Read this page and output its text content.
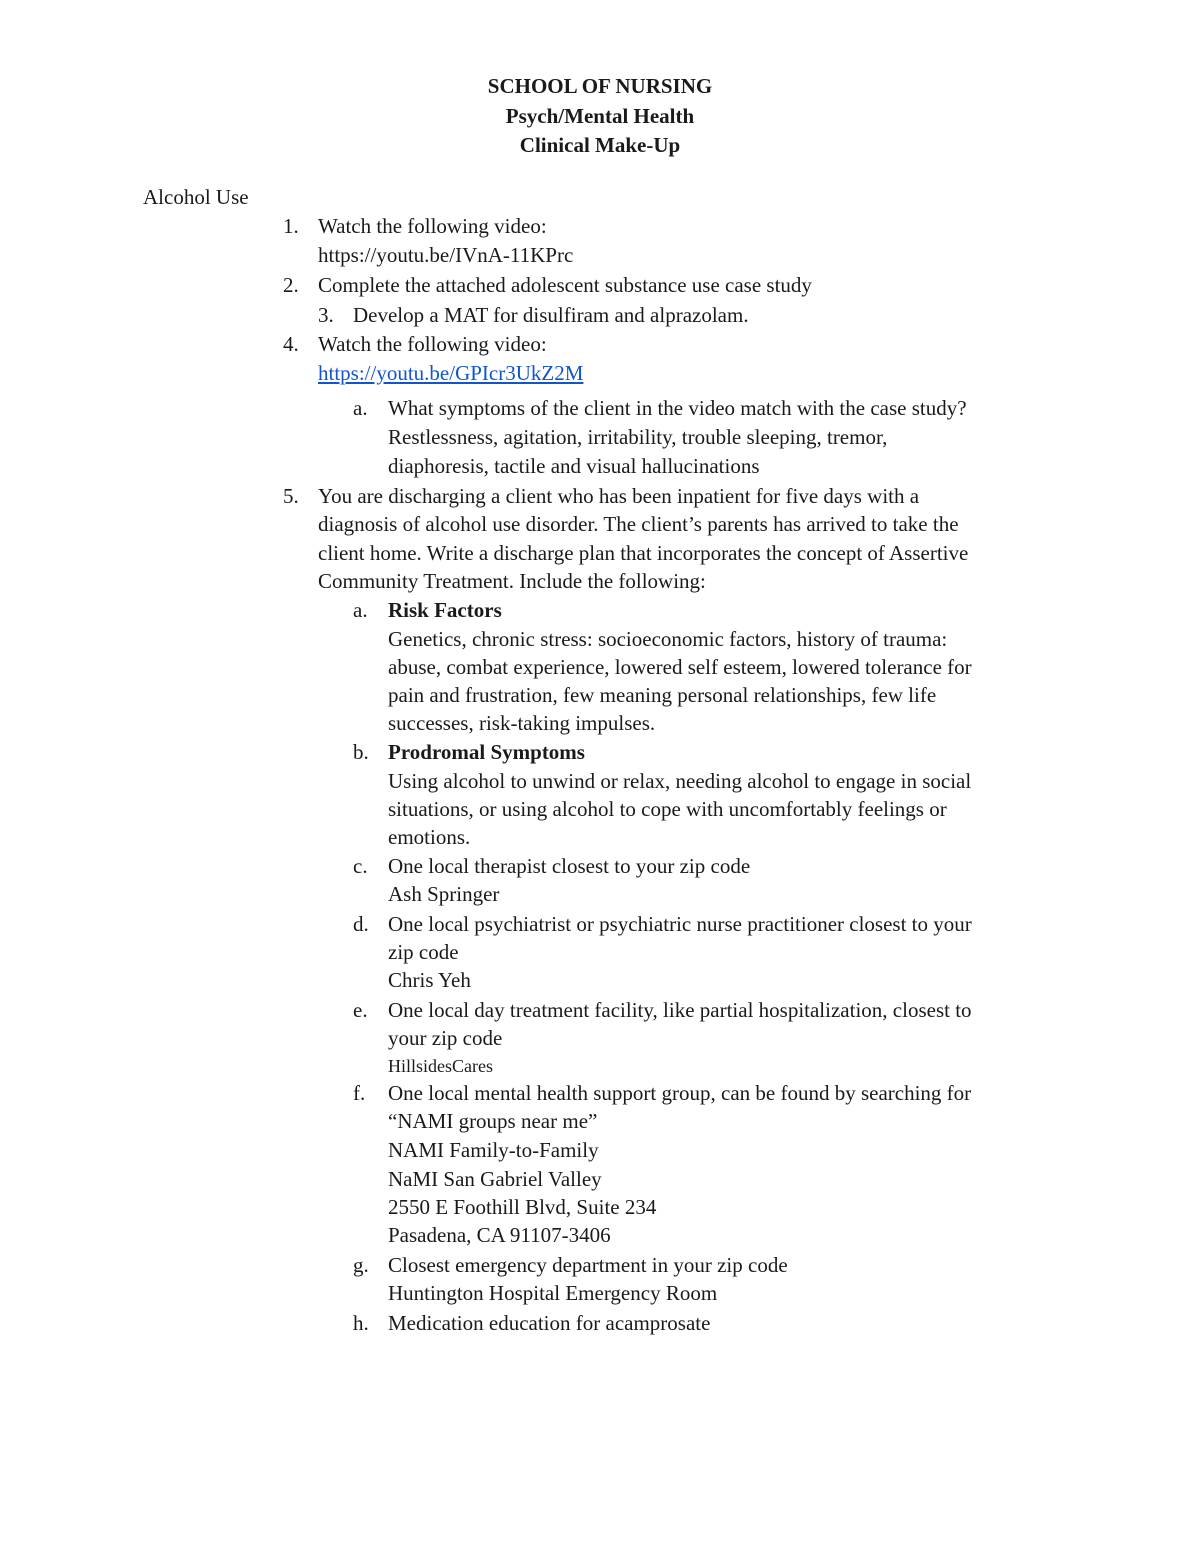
SCHOOL OF NURSING
Psych/Mental Health
Clinical Make-Up
Alcohol Use
1. Watch the following video:
https://youtu.be/IVnA-11KPrc
2. Complete the attached adolescent substance use case study
3. Develop a MAT for disulfiram and alprazolam.
4. Watch the following video:
https://youtu.be/GPIcr3UkZ2M
a. What symptoms of the client in the video match with the case study?
Restlessness, agitation, irritability, trouble sleeping, tremor,
diaphoresis, tactile and visual hallucinations
5. You are discharging a client who has been inpatient for five days with a
diagnosis of alcohol use disorder. The client’s parents has arrived to take the
client home. Write a discharge plan that incorporates the concept of Assertive
Community Treatment. Include the following:
a. Risk Factors
Genetics, chronic stress: socioeconomic factors, history of trauma:
abuse, combat experience, lowered self esteem, lowered tolerance for
pain and frustration, few meaning personal relationships, few life
successes, risk-taking impulses.
b. Prodromal Symptoms
Using alcohol to unwind or relax, needing alcohol to engage in social
situations, or using alcohol to cope with uncomfortably feelings or
emotions.
c. One local therapist closest to your zip code
Ash Springer
d. One local psychiatrist or psychiatric nurse practitioner closest to your
zip code
Chris Yeh
e. One local day treatment facility, like partial hospitalization, closest to
your zip code
HillsidesCares
f. One local mental health support group, can be found by searching for
“NAMI groups near me”
NAMI Family-to-Family
NaMI San Gabriel Valley
2550 E Foothill Blvd, Suite 234
Pasadena, CA 91107-3406
g. Closest emergency department in your zip code
Huntington Hospital Emergency Room
h. Medication education for acamprosate
